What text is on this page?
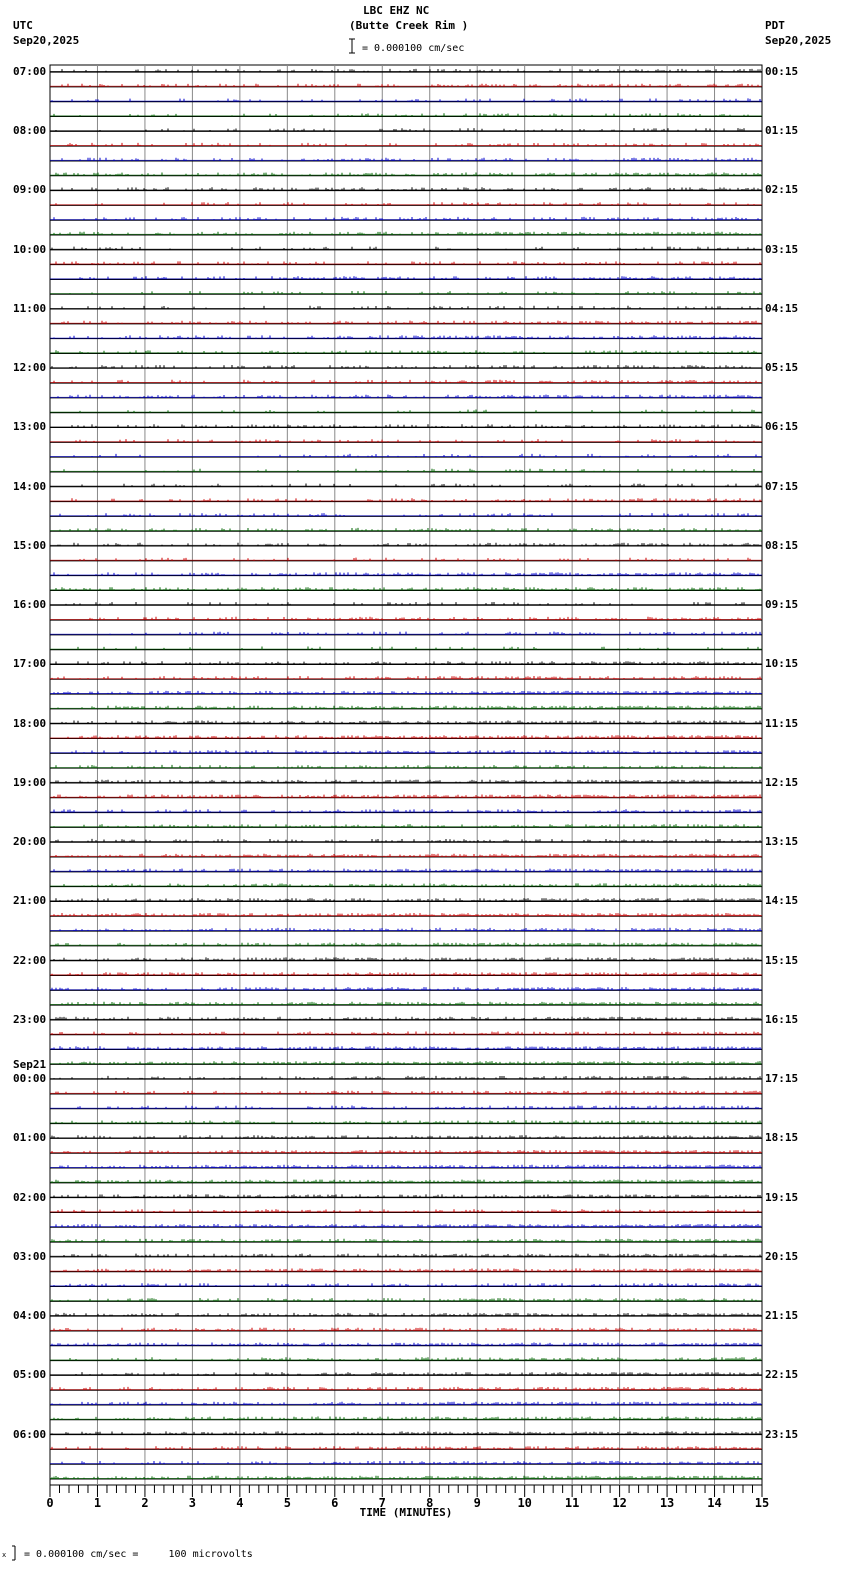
LBC EHZ NC
(Butte Creek Rim )
UTC
Sep20,2025
PDT
Sep20,2025
= 0.000100 cm/sec
= 0.000100 cm/sec =     100 microvolts
x
0	1	2	3	4	5	6	7	8	9	10	11	12	13	14	15
TIME (MINUTES)
07:00
08:00
09:00
10:00
11:00
12:00
13:00
14:00
15:00
16:00
17:00
18:00
19:00
20:00
21:00
22:00
23:00
00:00
Sep21
01:00
02:00
03:00
04:00
05:00
06:00
00:15
01:15
02:15
03:15
04:15
05:15
06:15
07:15
08:15
09:15
10:15
11:15
12:15
13:15
14:15
15:15
16:15
17:15
18:15
19:15
20:15
21:15
22:15
23:15
